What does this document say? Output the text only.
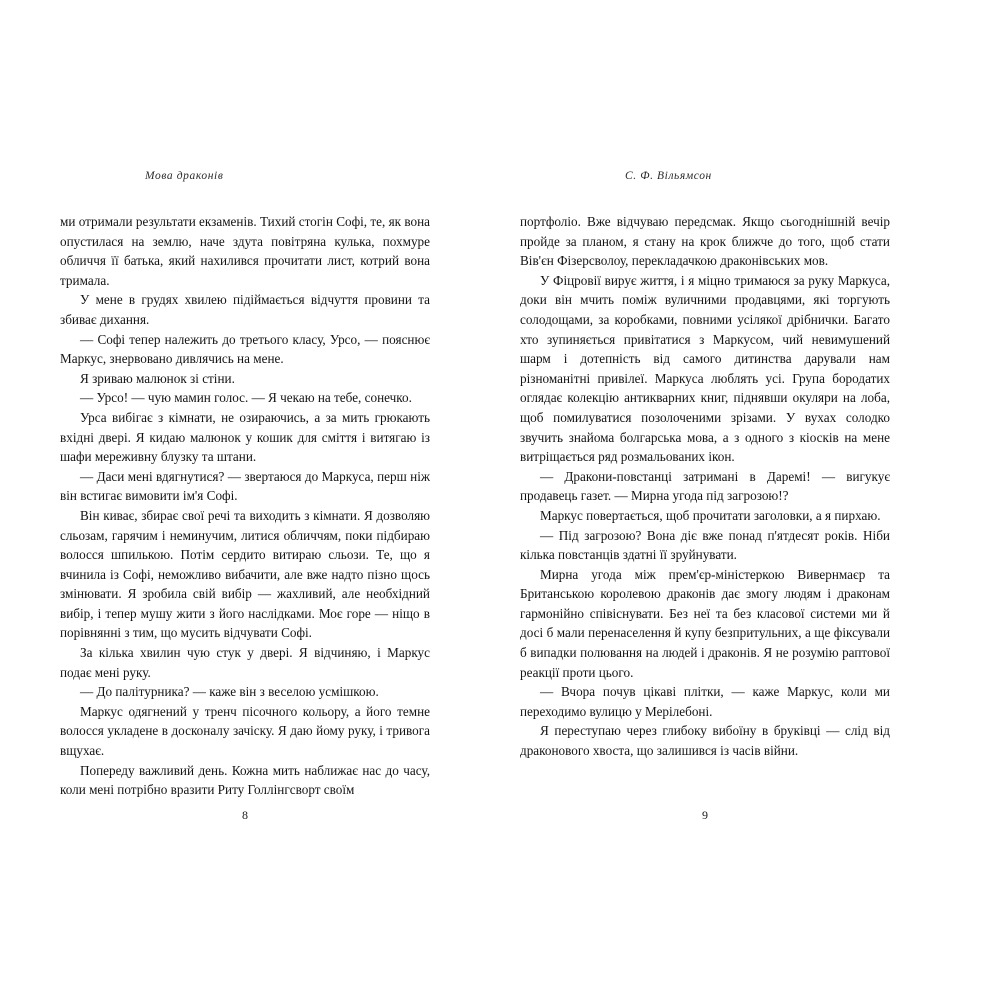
Мова драконів

ми отримали результати екзаменів. Тихий стогін Софі, те, як вона опустилася на землю, наче здута повітряна кулька, похмуре обличчя її батька, який нахилився прочитати лист, котрий вона тримала.

У мене в грудях хвилею підіймається відчуття провини та збиває дихання.

— Софі тепер належить до третього класу, Урсо, — пояснює Маркус, знервовано дивлячись на мене.

Я зриваю малюнок зі стіни.

— Урсо! — чую мамин голос. — Я чекаю на тебе, сонечко.

Урса вибігає з кімнати, не озираючись, а за мить грюкають вхідні двері. Я кидаю малюнок у кошик для сміття і витягаю із шафи мереживну блузку та штани.

— Даси мені вдягнутися? — звертаюся до Маркуса, перш ніж він встигає вимовити ім'я Софі.

Він киває, збирає свої речі та виходить з кімнати. Я дозволяю сльозам, гарячим і неминучим, литися обличчям, поки підбираю волосся шпилькою. Потім сердито витираю сльози. Те, що я вчинила із Софі, неможливо вибачити, але вже надто пізно щось змінювати. Я зробила свій вибір — жахливий, але необхідний вибір, і тепер мушу жити з його наслідками. Моє горе — ніщо в порівнянні з тим, що мусить відчувати Софі.

За кілька хвилин чую стук у двері. Я відчиняю, і Маркус подає мені руку.

— До палітурника? — каже він з веселою усмішкою.

Маркус одягнений у тренч пісочного кольору, а його темне волосся укладене в досконалу зачіску. Я даю йому руку, і тривога вщухає.

Попереду важливий день. Кожна мить наближає нас до часу, коли мені потрібно вразити Риту Голлінгсворт своїм

С. Ф. Вільямсон

портфоліо. Вже відчуваю передсмак. Якщо сьогоднішній вечір пройде за планом, я стану на крок ближче до того, щоб стати Вів'єн Фізерсволоу, перекладачкою драконівських мов.

У Фіцровії вирує життя, і я міцно тримаюся за руку Маркуса, доки він мчить поміж вуличними продавцями, які торгують солодощами, за коробками, повними усілякої дрібнички. Багато хто зупиняється привітатися з Маркусом, чий невимушений шарм і дотепність від самого дитинства дарували нам різноманітні привілеї. Маркуса люблять усі. Група бородатих оглядає колекцію антикварних книг, піднявши окуляри на лоба, щоб помилуватися позолоченими зрізами. У вухах солодко звучить знайома болгарська мова, а з одного з кіосків на мене витріщається ряд розмальованих ікон.

— Дракони-повстанці затримані в Даремі! — вигукує продавець газет. — Мирна угода під загрозою!?

Маркус повертається, щоб прочитати заголовки, а я пирхаю.

— Під загрозою? Вона діє вже понад п'ятдесят років. Ніби кілька повстанців здатні її зруйнувати.

Мирна угода між прем'єр-міністеркою Вивернмаєр та Британською королевою драконів дає змогу людям і драконам гармонійно співіснувати. Без неї та без класової системи ми й досі б мали перенаселення й купу безпритульних, а ще фіксували б випадки полювання на людей і драконів. Я не розумію раптової реакції проти цього.

— Вчора почув цікаві плітки, — каже Маркус, коли ми переходимо вулицю у Мерілебоні.

Я переступаю через глибоку вибоїну в бруківці — слід від драконового хвоста, що залишився із часів війни.

8	9
